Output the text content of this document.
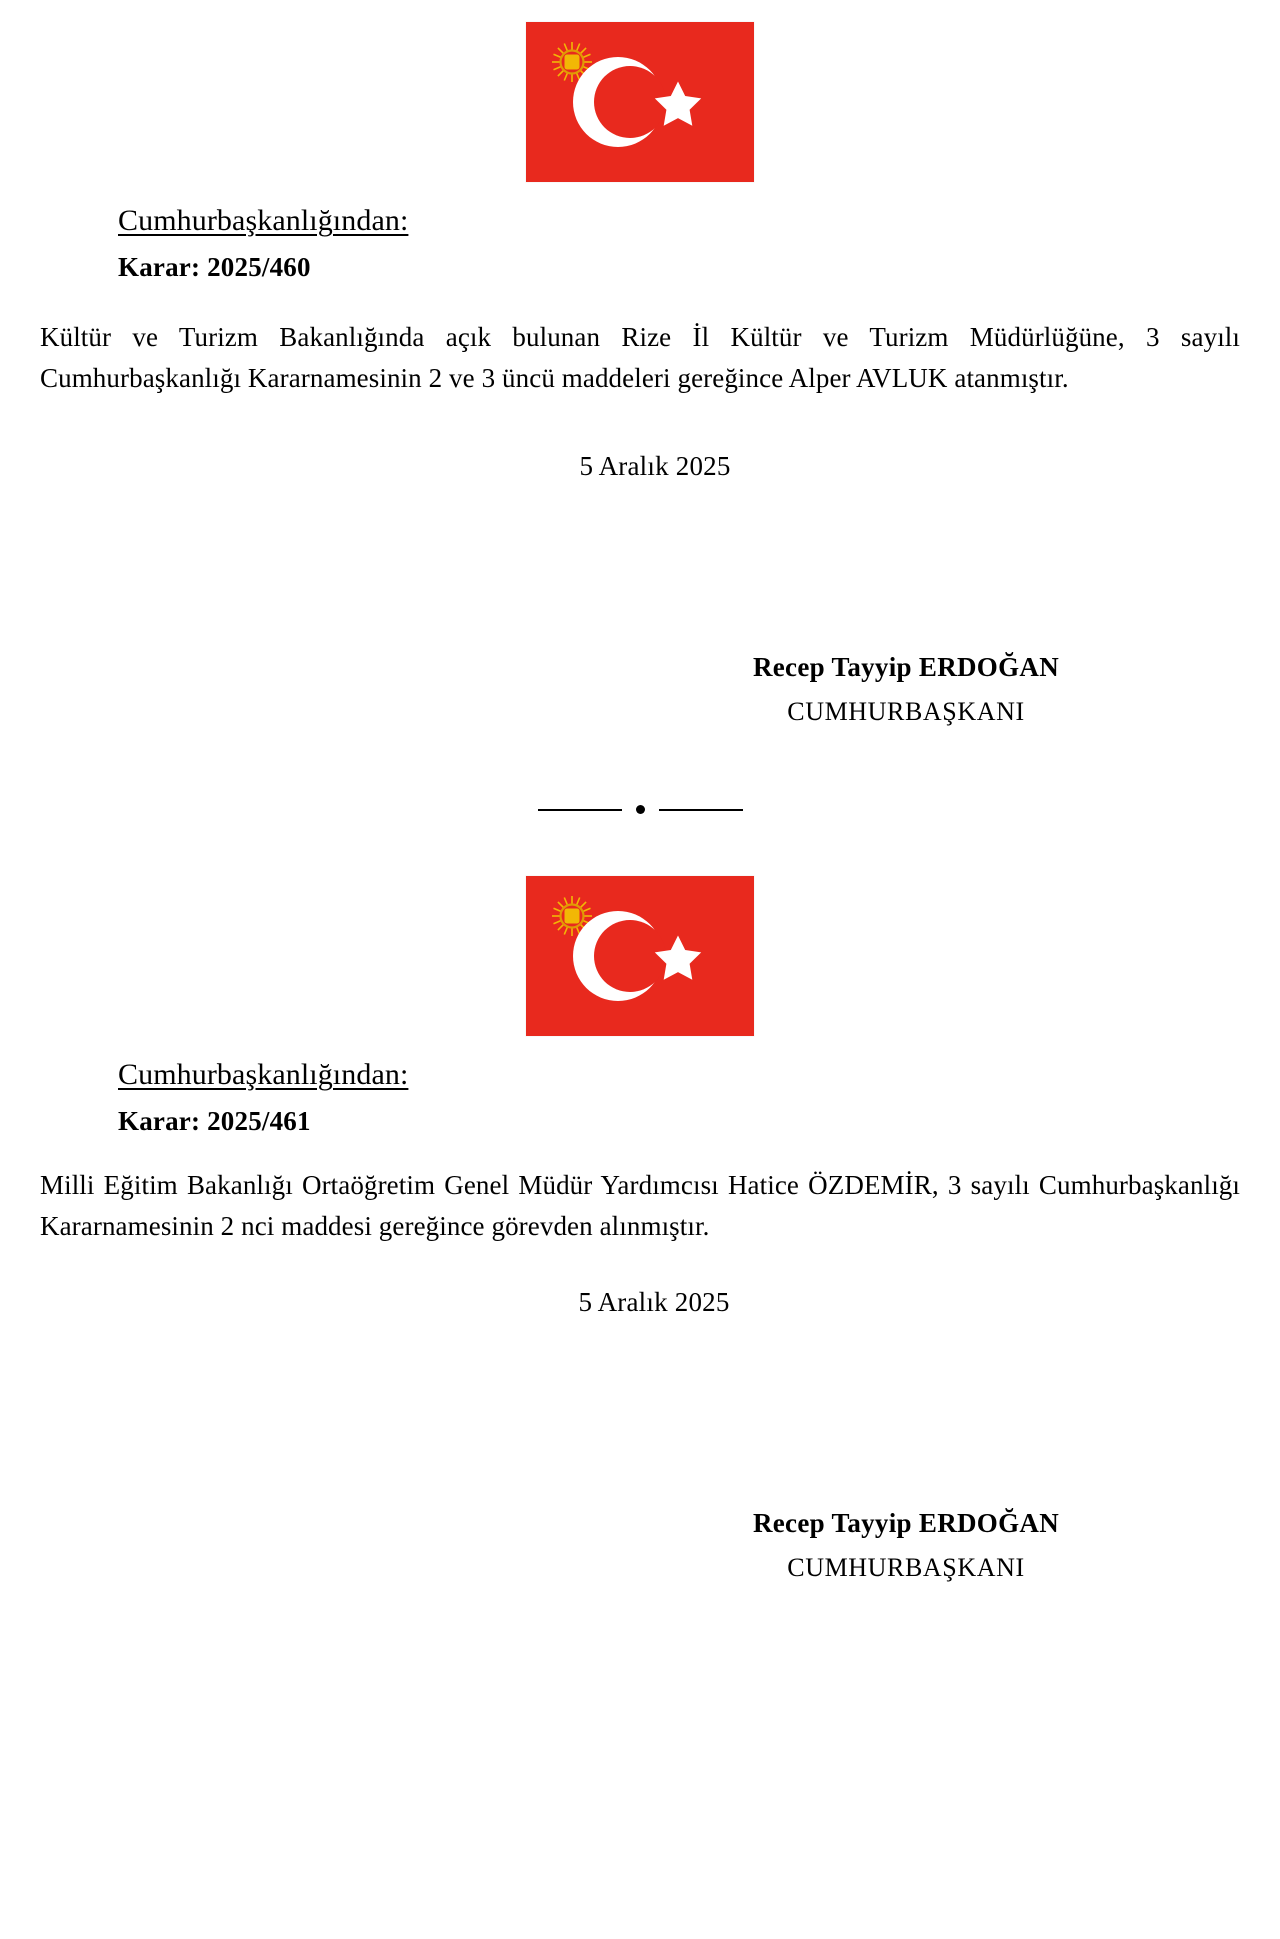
Cumhurbaşkanlığından:
Karar: 2025/460

Kültür ve Turizm Bakanlığında açık bulunan Rize İl Kültür ve Turizm Müdürlüğüne, 3 sayılı Cumhurbaşkanlığı Kararnamesinin 2 ve 3 üncü maddeleri gereğince Alper AVLUK atanmıştır.

5 Aralık 2025
Recep Tayyip ERDOĞAN
CUMHURBAŞKANI
Cumhurbaşkanlığından:
Karar: 2025/461

Milli Eğitim Bakanlığı Ortaöğretim Genel Müdür Yardımcısı Hatice ÖZDEMİR, 3 sayılı Cumhurbaşkanlığı Kararnamesinin 2 nci maddesi gereğince görevden alınmıştır.

5 Aralık 2025
Recep Tayyip ERDOĞAN
CUMHURBAŞKANI
